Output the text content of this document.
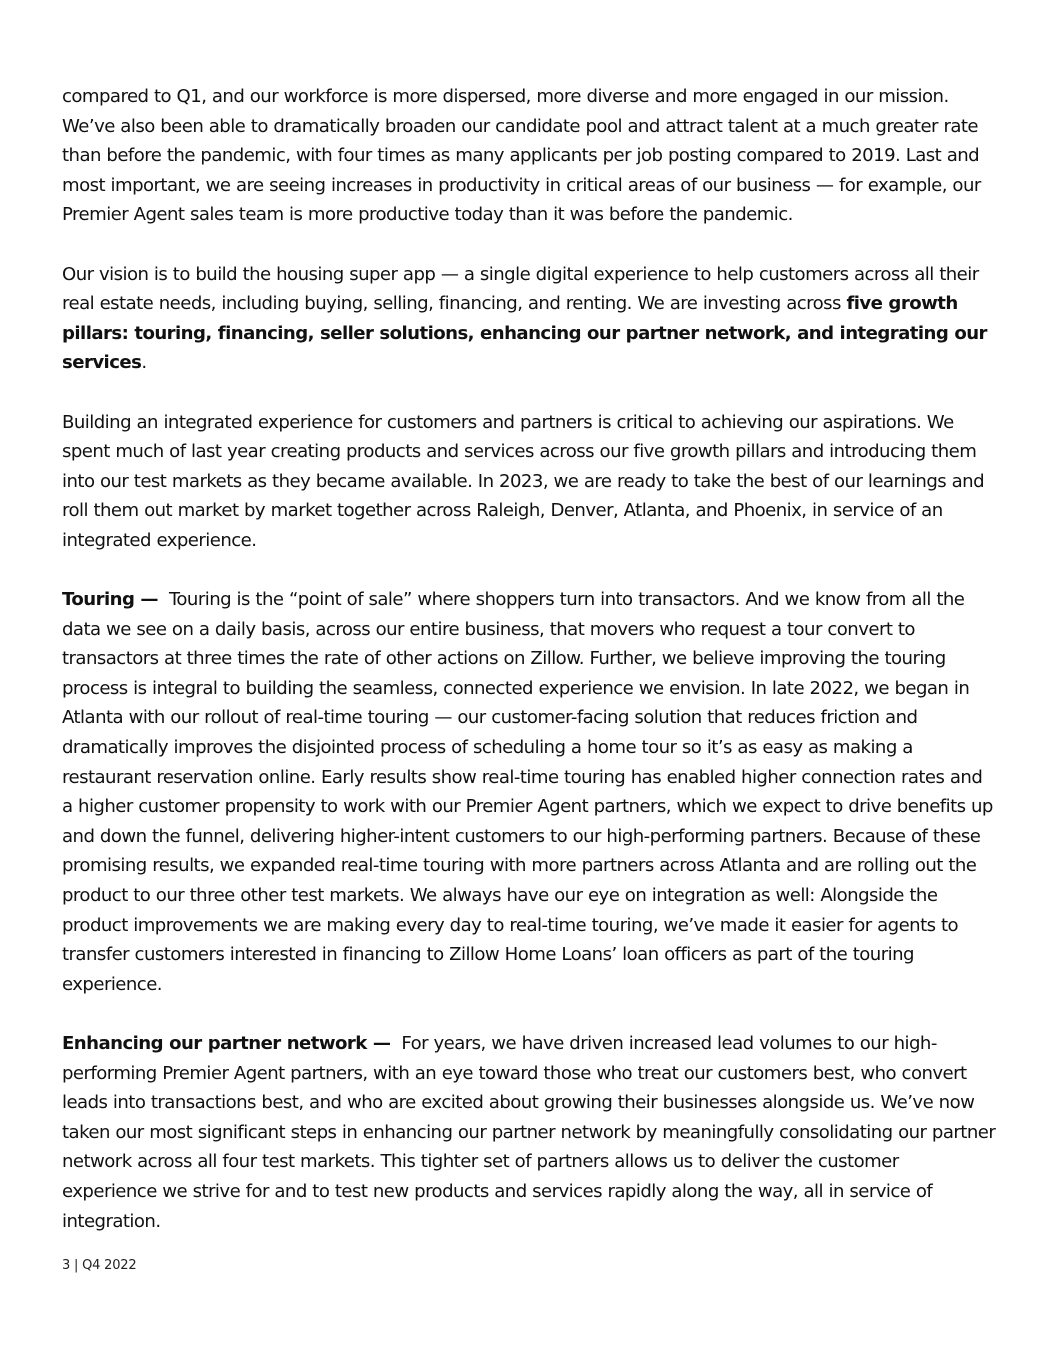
compared to Q1, and our workforce is more dispersed, more diverse and more engaged in our mission. We’ve also been able to dramatically broaden our candidate pool and attract talent at a much greater rate than before the pandemic, with four times as many applicants per job posting compared to 2019. Last and most important, we are seeing increases in productivity in critical areas of our business — for example, our Premier Agent sales team is more productive today than it was before the pandemic.

Our vision is to build the housing super app — a single digital experience to help customers across all their real estate needs, including buying, selling, financing, and renting. We are investing across five growth pillars: touring, financing, seller solutions, enhancing our partner network, and integrating our services.

Building an integrated experience for customers and partners is critical to achieving our aspirations. We spent much of last year creating products and services across our five growth pillars and introducing them into our test markets as they became available. In 2023, we are ready to take the best of our learnings and roll them out market by market together across Raleigh, Denver, Atlanta, and Phoenix, in service of an integrated experience.

Touring — Touring is the “point of sale” where shoppers turn into transactors. And we know from all the data we see on a daily basis, across our entire business, that movers who request a tour convert to transactors at three times the rate of other actions on Zillow. Further, we believe improving the touring process is integral to building the seamless, connected experience we envision. In late 2022, we began in Atlanta with our rollout of real-time touring — our customer-facing solution that reduces friction and dramatically improves the disjointed process of scheduling a home tour so it’s as easy as making a restaurant reservation online. Early results show real-time touring has enabled higher connection rates and a higher customer propensity to work with our Premier Agent partners, which we expect to drive benefits up and down the funnel, delivering higher-intent customers to our high-performing partners. Because of these promising results, we expanded real-time touring with more partners across Atlanta and are rolling out the product to our three other test markets. We always have our eye on integration as well: Alongside the product improvements we are making every day to real-time touring, we’ve made it easier for agents to transfer customers interested in financing to Zillow Home Loans’ loan officers as part of the touring experience.

Enhancing our partner network — For years, we have driven increased lead volumes to our high-performing Premier Agent partners, with an eye toward those who treat our customers best, who convert leads into transactions best, and who are excited about growing their businesses alongside us. We’ve now taken our most significant steps in enhancing our partner network by meaningfully consolidating our partner network across all four test markets. This tighter set of partners allows us to deliver the customer experience we strive for and to test new products and services rapidly along the way, all in service of integration.

3 | Q4 2022
